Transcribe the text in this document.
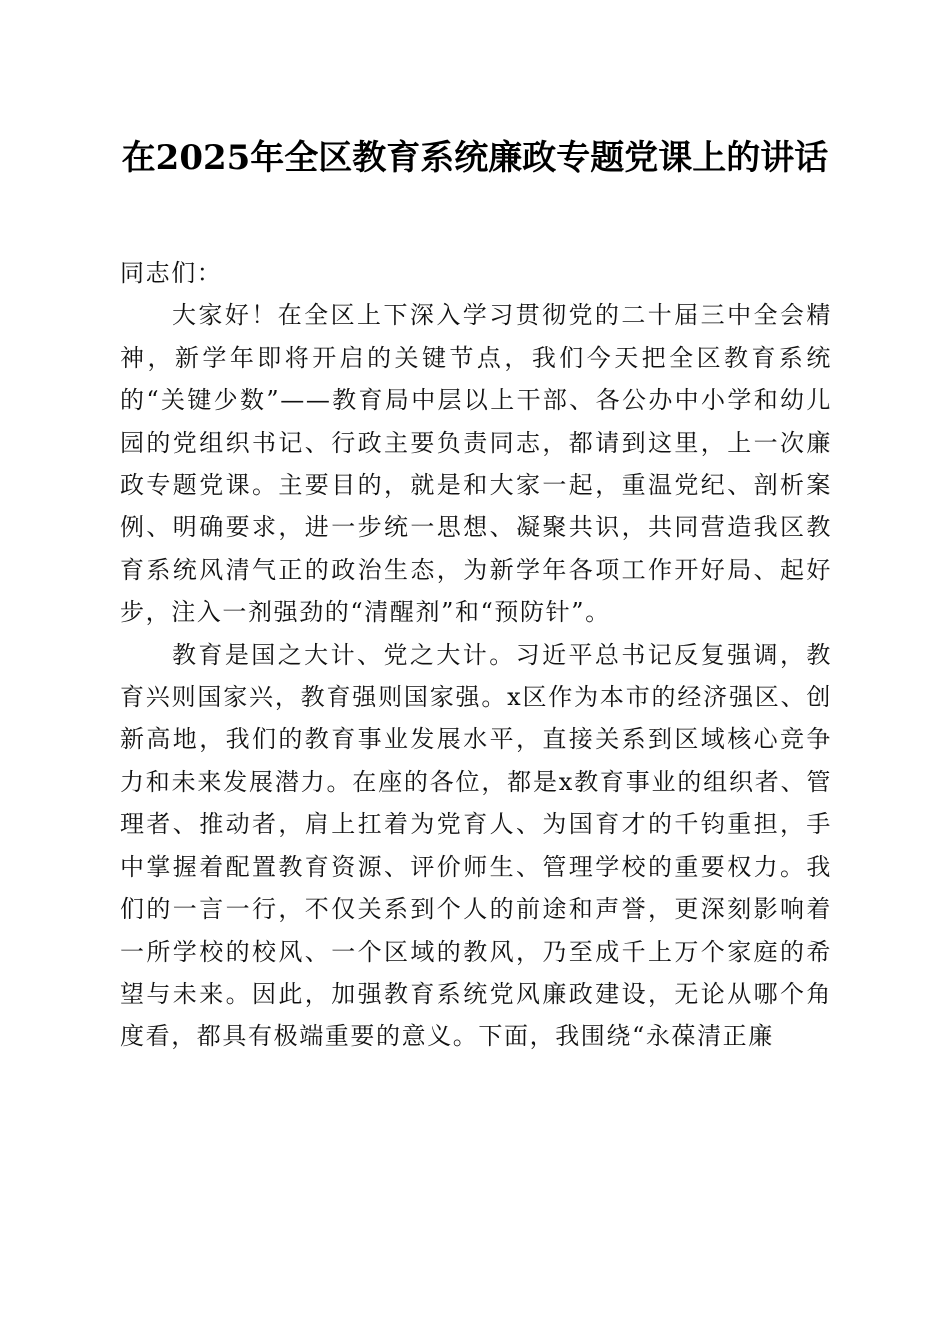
在2025年全区教育系统廉政专题党课上的讲话

同志们：

大家好！在全区上下深入学习贯彻党的二十届三中全会精神，新学年即将开启的关键节点，我们今天把全区教育系统的“关键少数”——教育局中层以上干部、各公办中小学和幼儿园的党组织书记、行政主要负责同志，都请到这里，上一次廉政专题党课。主要目的，就是和大家一起，重温党纪、剖析案例、明确要求，进一步统一思想、凝聚共识，共同营造我区教育系统风清气正的政治生态，为新学年各项工作开好局、起好步，注入一剂强劲的“清醒剂”和“预防针”。

教育是国之大计、党之大计。习近平总书记反复强调，教育兴则国家兴，教育强则国家强。x区作为本市的经济强区、创新高地，我们的教育事业发展水平，直接关系到区域核心竞争力和未来发展潜力。在座的各位，都是x教育事业的组织者、管理者、推动者，肩上扛着为党育人、为国育才的千钧重担，手中掌握着配置教育资源、评价师生、管理学校的重要权力。我们的一言一行，不仅关系到个人的前途和声誉，更深刻影响着一所学校的校风、一个区域的教风，乃至成千上万个家庭的希望与未来。因此，加强教育系统党风廉政建设，无论从哪个角度看，都具有极端重要的意义。下面，我围绕“永葆清正廉
